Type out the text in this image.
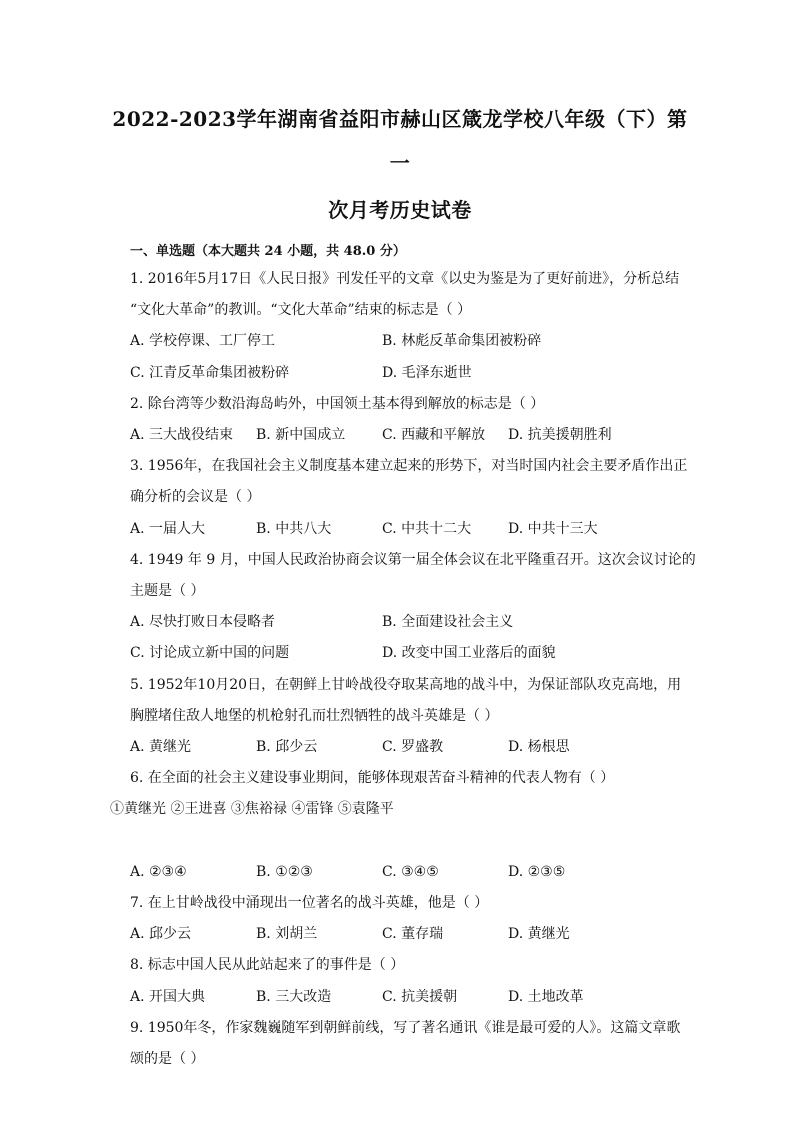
2022-2023学年湖南省益阳市赫山区箴龙学校八年级（下）第一
次月考历史试卷
一、单选题（本大题共 24 小题，共 48.0 分）
1. 2016年5月17日《人民日报》刊发任平的文章《以史为鉴是为了更好前进》，分析总结
“文化大革命”的教训。“文化大革命”结束的标志是（ ）
A. 学校停课、工厂停工	B. 林彪反革命集团被粉碎
C. 江青反革命集团被粉碎	D. 毛泽东逝世
2. 除台湾等少数沿海岛屿外，中国领土基本得到解放的标志是（ ）
A. 三大战役结束	B. 新中国成立	C. 西藏和平解放	D. 抗美援朝胜利
3. 1956年，在我国社会主义制度基本建立起来的形势下，对当时国内社会主要矛盾作出正
确分析的会议是（ ）
A. 一届人大	B. 中共八大	C. 中共十二大	D. 中共十三大
4. 1949 年 9 月，中国人民政治协商会议第一届全体会议在北平隆重召开。这次会议讨论的
主题是（ ）
A. 尽快打败日本侵略者	B. 全面建设社会主义
C. 讨论成立新中国的问题	D. 改变中国工业落后的面貌
5. 1952年10月20日，在朝鲜上甘岭战役夺取某高地的战斗中，为保证部队攻克高地，用
胸膛堵住敌人地堡的机枪射孔而壮烈牺牲的战斗英雄是（ ）
A. 黄继光	B. 邱少云	C. 罗盛教	D. 杨根思
6. 在全面的社会主义建设事业期间，能够体现艰苦奋斗精神的代表人物有（ ）
①黄继光 ②王进喜 ③焦裕禄 ④雷锋 ⑤袁隆平
A. ②③④	B. ①②③	C. ③④⑤	D. ②③⑤
7. 在上甘岭战役中涌现出一位著名的战斗英雄，他是（ ）
A. 邱少云	B. 刘胡兰	C. 董存瑞	D. 黄继光
8. 标志中国人民从此站起来了的事件是（ ）
A. 开国大典	B. 三大改造	C. 抗美援朝	D. 土地改革
9. 1950年冬，作家魏巍随军到朝鲜前线，写了著名通讯《谁是最可爱的人》。这篇文章歌
颂的是（ ）
